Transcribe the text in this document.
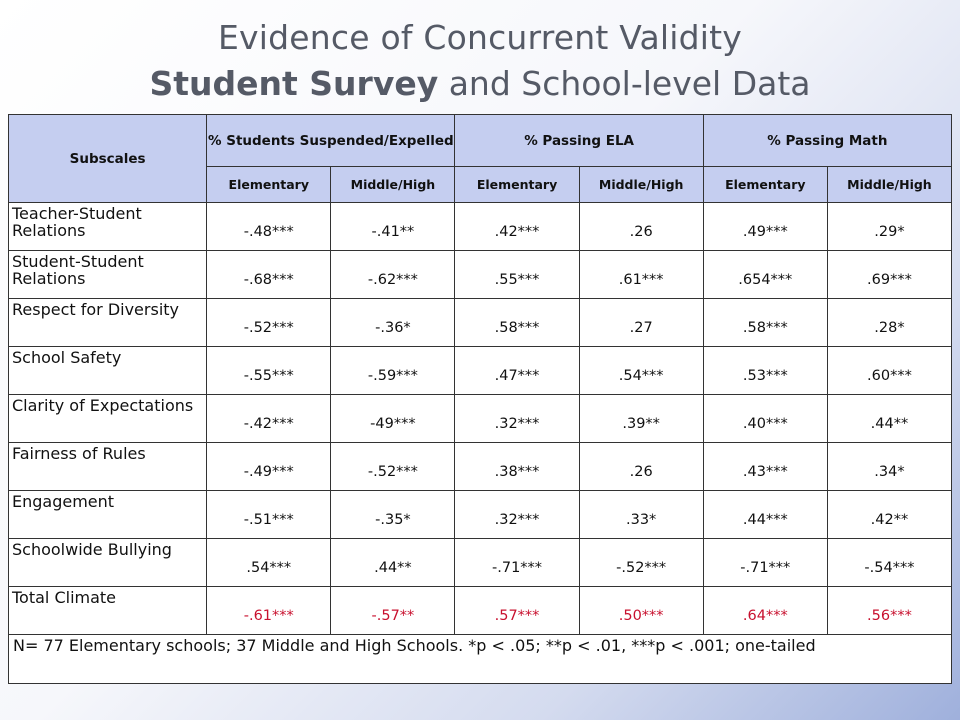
Evidence of Concurrent Validity
Student Survey and School-level Data
Subscales	% Students Suspended/Expelled		% Passing ELA		% Passing Math	
	Elementary	Middle/High	Elementary	Middle/High	Elementary	Middle/High
Teacher-Student Relations	-.48***	-.41**	.42***	.26	.49***	.29*
Student-Student Relations	-.68***	-.62***	.55***	.61***	.654***	.69***
Respect for Diversity	-.52***	-.36*	.58***	.27	.58***	.28*
School Safety	-.55***	-.59***	.47***	.54***	.53***	.60***
Clarity of Expectations	-.42***	-49***	.32***	.39**	.40***	.44**
Fairness of Rules	-.49***	-.52***	.38***	.26	.43***	.34*
Engagement	-.51***	-.35*	.32***	.33*	.44***	.42**
Schoolwide Bullying	.54***	.44**	-.71***	-.52***	-.71***	-.54***
Total Climate	-.61***	-.57**	.57***	.50***	.64***	.56***
N= 77 Elementary schools; 37 Middle and High Schools. *p < .05; **p < .01, ***p < .001; one-tailed						
